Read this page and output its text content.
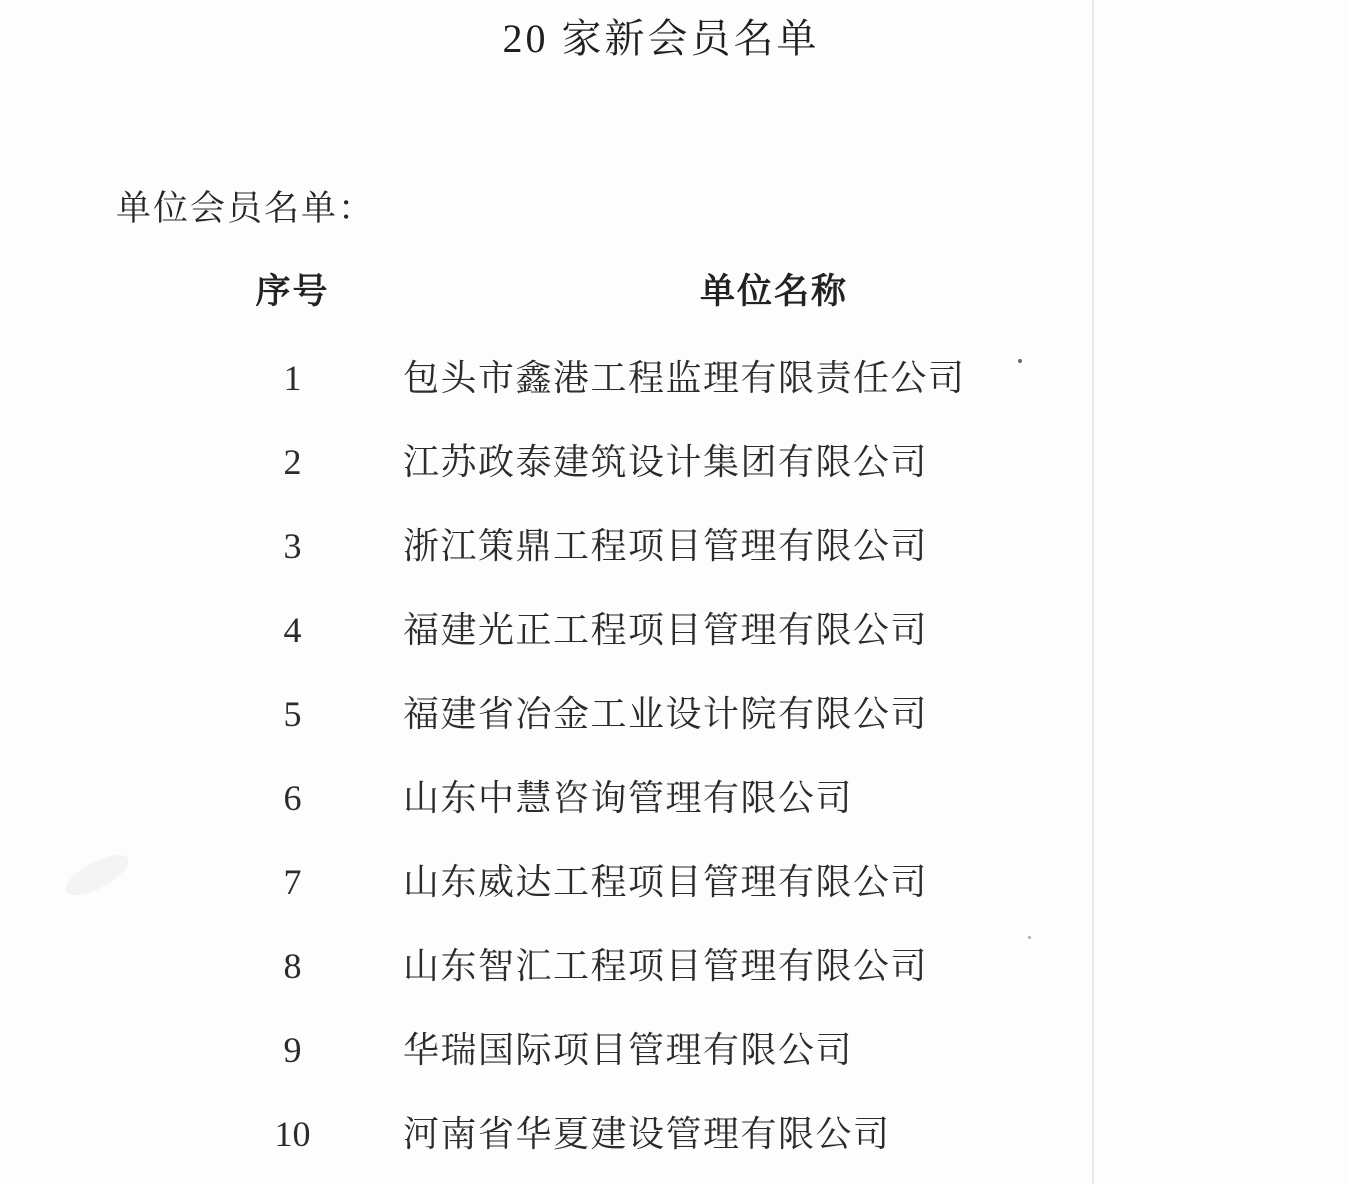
20 家新会员名单
单位会员名单：
序号	单位名称
1	包头市鑫港工程监理有限责任公司
2	江苏政泰建筑设计集团有限公司
3	浙江策鼎工程项目管理有限公司
4	福建光正工程项目管理有限公司
5	福建省冶金工业设计院有限公司
6	山东中慧咨询管理有限公司
7	山东威达工程项目管理有限公司
8	山东智汇工程项目管理有限公司
9	华瑞国际项目管理有限公司
10	河南省华夏建设管理有限公司
